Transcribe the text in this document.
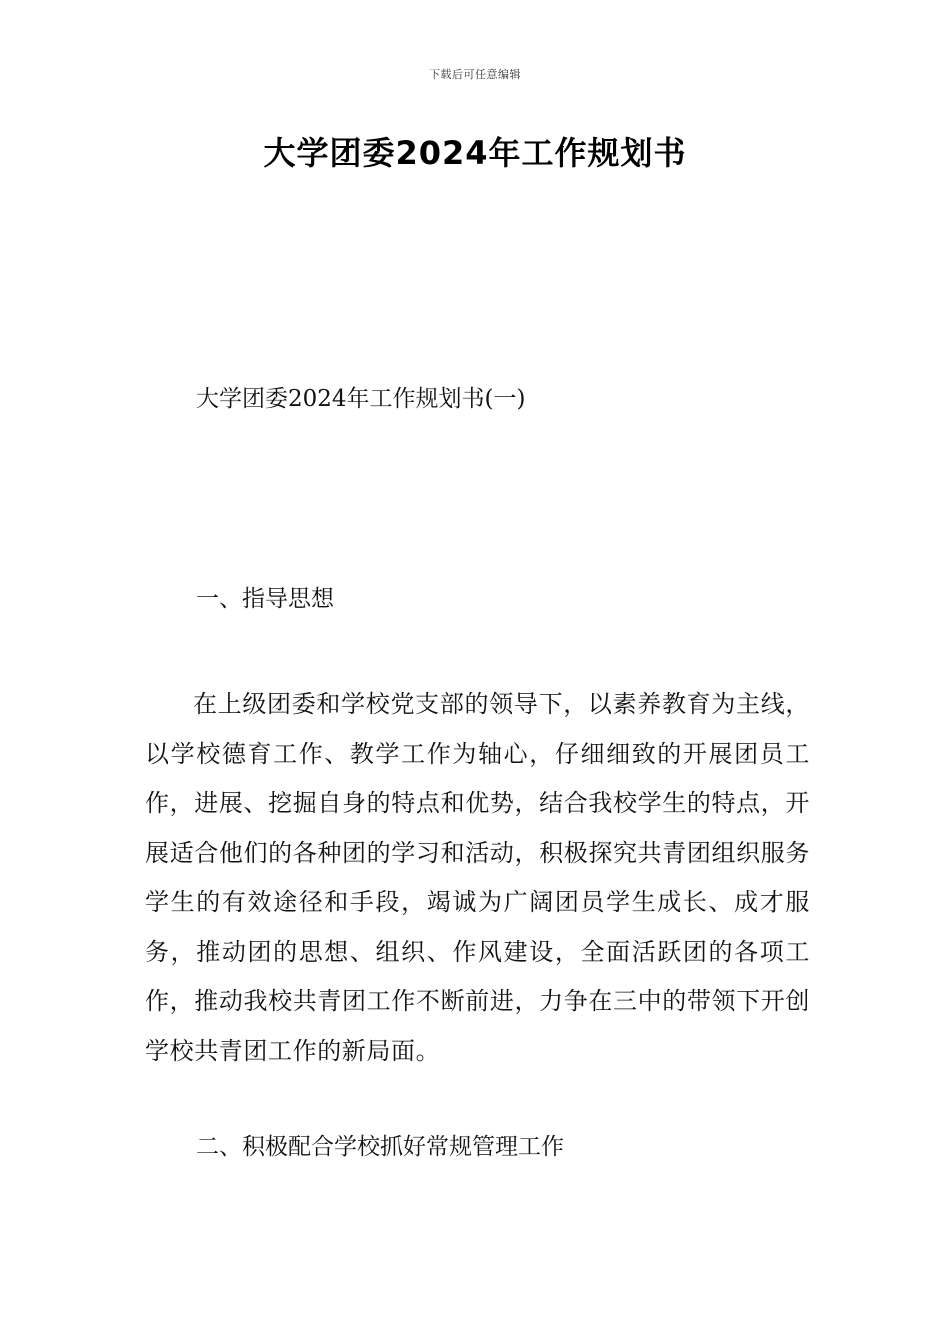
下载后可任意编辑
大学团委2024年工作规划书

大学团委2024年工作规划书(一)

一、指导思想

在上级团委和学校党支部的领导下，以素养教育为主线，以学校德育工作、教学工作为轴心，仔细细致的开展团员工作，进展、挖掘自身的特点和优势，结合我校学生的特点，开展适合他们的各种团的学习和活动，积极探究共青团组织服务学生的有效途径和手段，竭诚为广阔团员学生成长、成才服务，推动团的思想、组织、作风建设，全面活跃团的各项工作，推动我校共青团工作不断前进，力争在三中的带领下开创学校共青团工作的新局面。

二、积极配合学校抓好常规管理工作
